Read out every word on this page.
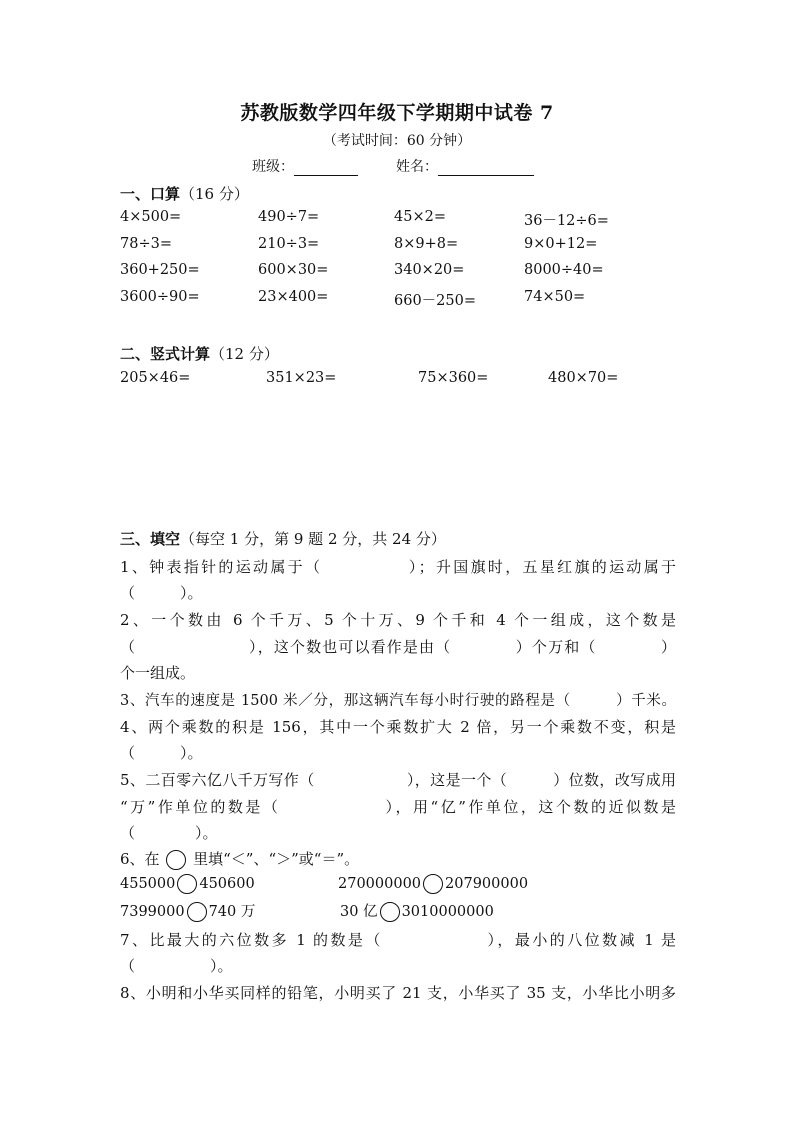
苏教版数学四年级下学期期中试卷 7
（考试时间：60 分钟）
班级：	姓名：
一、口算（16 分）
4×500=	490÷7=	45×2=	36－12÷6=
78÷3=	210÷3=	8×9+8=	9×0+12=
360+250=	600×30=	340×20=	8000÷40=
3600÷90=	23×400=	660－250=	74×50=
二、竖式计算（12 分）
205×46=	351×23=	75×360=	480×70=
三、填空（每空 1 分，第 9 题 2 分，共 24 分）
1、钟表指针的运动属于（　　　　　）；升国旗时，五星红旗的运动属于
（　　　）。
2、一个数由 6 个千万、5 个十万、9 个千和 4 个一组成，这个数是
（　　　　　　　），这个数也可以看作是由（　　　　）个万和（　　　　）
个一组成。
3、汽车的速度是 1500 米／分，那这辆汽车每小时行驶的路程是（　　　）千米。
4、两个乘数的积是 156，其中一个乘数扩大 2 倍，另一个乘数不变，积是
（　　　）。
5、二百零六亿八千万写作（　　　　　　），这是一个（　　　）位数，改写成用
“万”作单位的数是（　　　　　　），用“亿”作单位，这个数的近似数是
（　　　　）。
6、在 里填“＜”、“＞”或“＝”。
455000 450600	270000000 207900000
7399000 740 万	30 亿 3010000000
7、比最大的六位数多 1 的数是（　　　　　　），最小的八位数减 1 是
（　　　　　）。
8、小明和小华买同样的铅笔，小明买了 21 支，小华买了 35 支，小华比小明多
